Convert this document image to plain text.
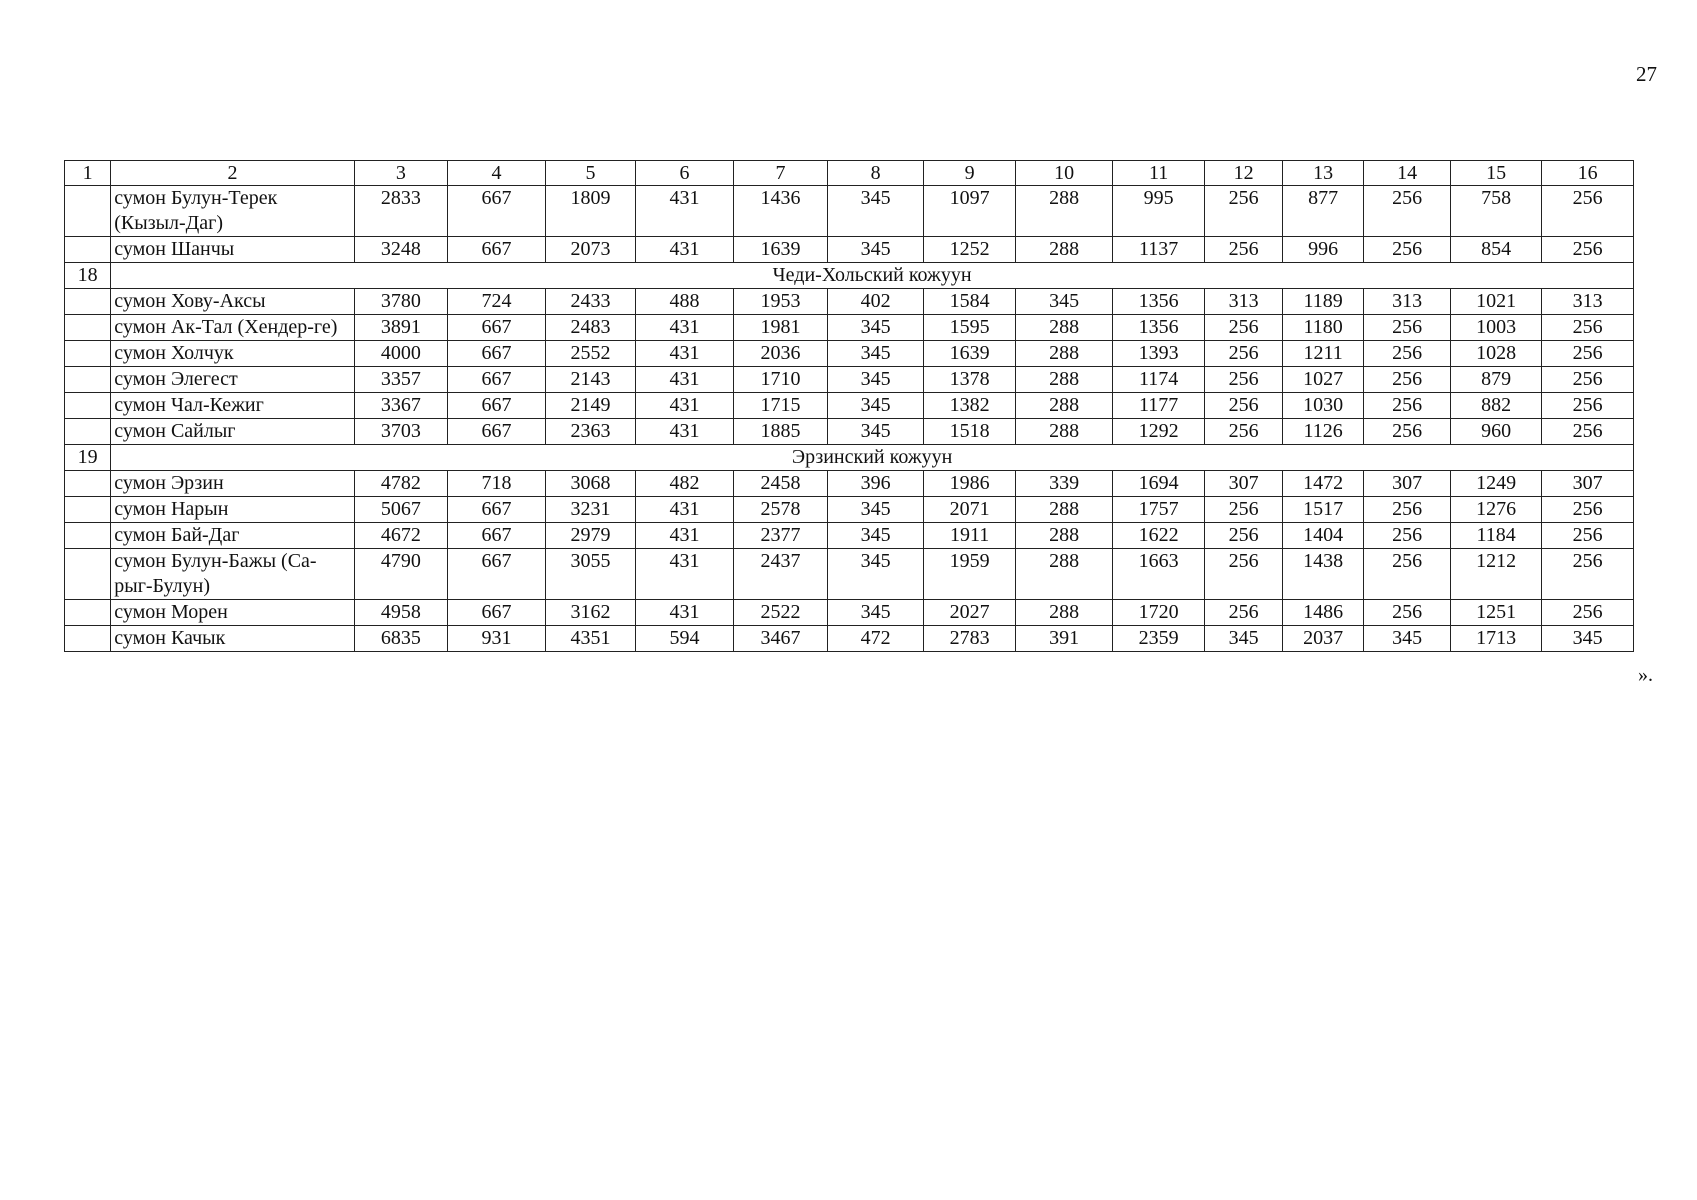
27
1	2	3	4	5	6	7	8	9	10	11	12	13	14	15	16
	сумон Булун-Терек (Кызыл-Даг)	2833	667	1809	431	1436	345	1097	288	995	256	877	256	758	256
	сумон Шанчы	3248	667	2073	431	1639	345	1252	288	1137	256	996	256	854	256
18	Чеди-Хольский кожуун														
	сумон Хову-Аксы	3780	724	2433	488	1953	402	1584	345	1356	313	1189	313	1021	313
	сумон Ак-Тал (Хендер-ге)	3891	667	2483	431	1981	345	1595	288	1356	256	1180	256	1003	256
	сумон Холчук	4000	667	2552	431	2036	345	1639	288	1393	256	1211	256	1028	256
	сумон Элегест	3357	667	2143	431	1710	345	1378	288	1174	256	1027	256	879	256
	сумон Чал-Кежиг	3367	667	2149	431	1715	345	1382	288	1177	256	1030	256	882	256
	сумон Сайлыг	3703	667	2363	431	1885	345	1518	288	1292	256	1126	256	960	256
19	Эрзинский кожуун														
	сумон Эрзин	4782	718	3068	482	2458	396	1986	339	1694	307	1472	307	1249	307
	сумон Нарын	5067	667	3231	431	2578	345	2071	288	1757	256	1517	256	1276	256
	сумон Бай-Даг	4672	667	2979	431	2377	345	1911	288	1622	256	1404	256	1184	256
	сумон Булун-Бажы (Са-рыг-Булун)	4790	667	3055	431	2437	345	1959	288	1663	256	1438	256	1212	256
	сумон Морен	4958	667	3162	431	2522	345	2027	288	1720	256	1486	256	1251	256
	сумон Качык	6835	931	4351	594	3467	472	2783	391	2359	345	2037	345	1713	345
».
